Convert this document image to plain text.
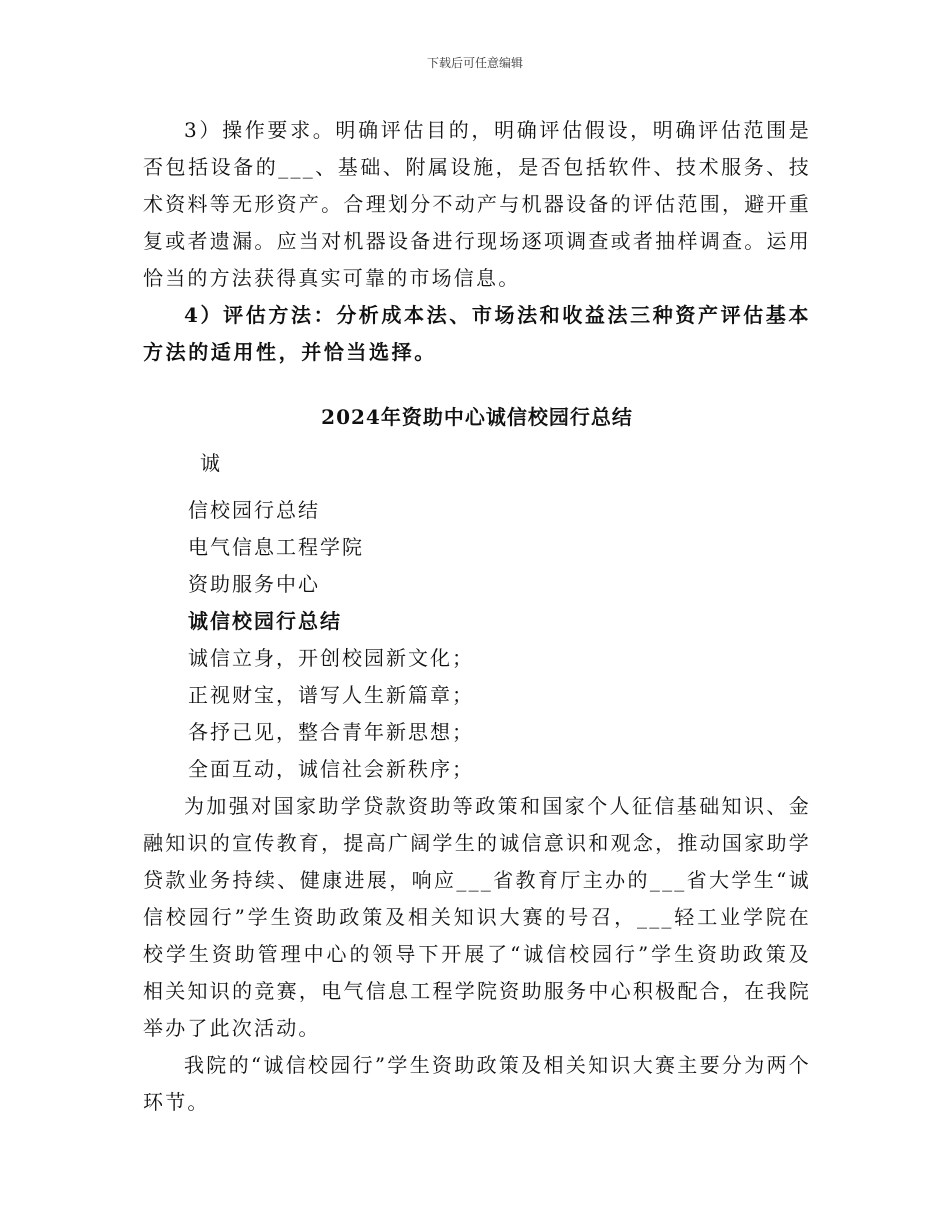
下载后可任意编辑

3）操作要求。明确评估目的，明确评估假设，明确评估范围是否包括设备的___、基础、附属设施，是否包括软件、技术服务、技术资料等无形资产。合理划分不动产与机器设备的评估范围，避开重复或者遗漏。应当对机器设备进行现场逐项调查或者抽样调查。运用恰当的方法获得真实可靠的市场信息。

4）评估方法：分析成本法、市场法和收益法三种资产评估基本方法的适用性，并恰当选择。

2024年资助中心诚信校园行总结

诚

信校园行总结

电气信息工程学院

资助服务中心

诚信校园行总结

诚信立身，开创校园新文化；

正视财宝，谱写人生新篇章；

各抒己见，整合青年新思想；

全面互动，诚信社会新秩序；

为加强对国家助学贷款资助等政策和国家个人征信基础知识、金融知识的宣传教育，提高广阔学生的诚信意识和观念，推动国家助学贷款业务持续、健康进展，响应___省教育厅主办的___省大学生“诚信校园行”学生资助政策及相关知识大赛的号召，___轻工业学院在校学生资助管理中心的领导下开展了“诚信校园行”学生资助政策及相关知识的竞赛，电气信息工程学院资助服务中心积极配合，在我院举办了此次活动。

我院的“诚信校园行”学生资助政策及相关知识大赛主要分为两个环节。
